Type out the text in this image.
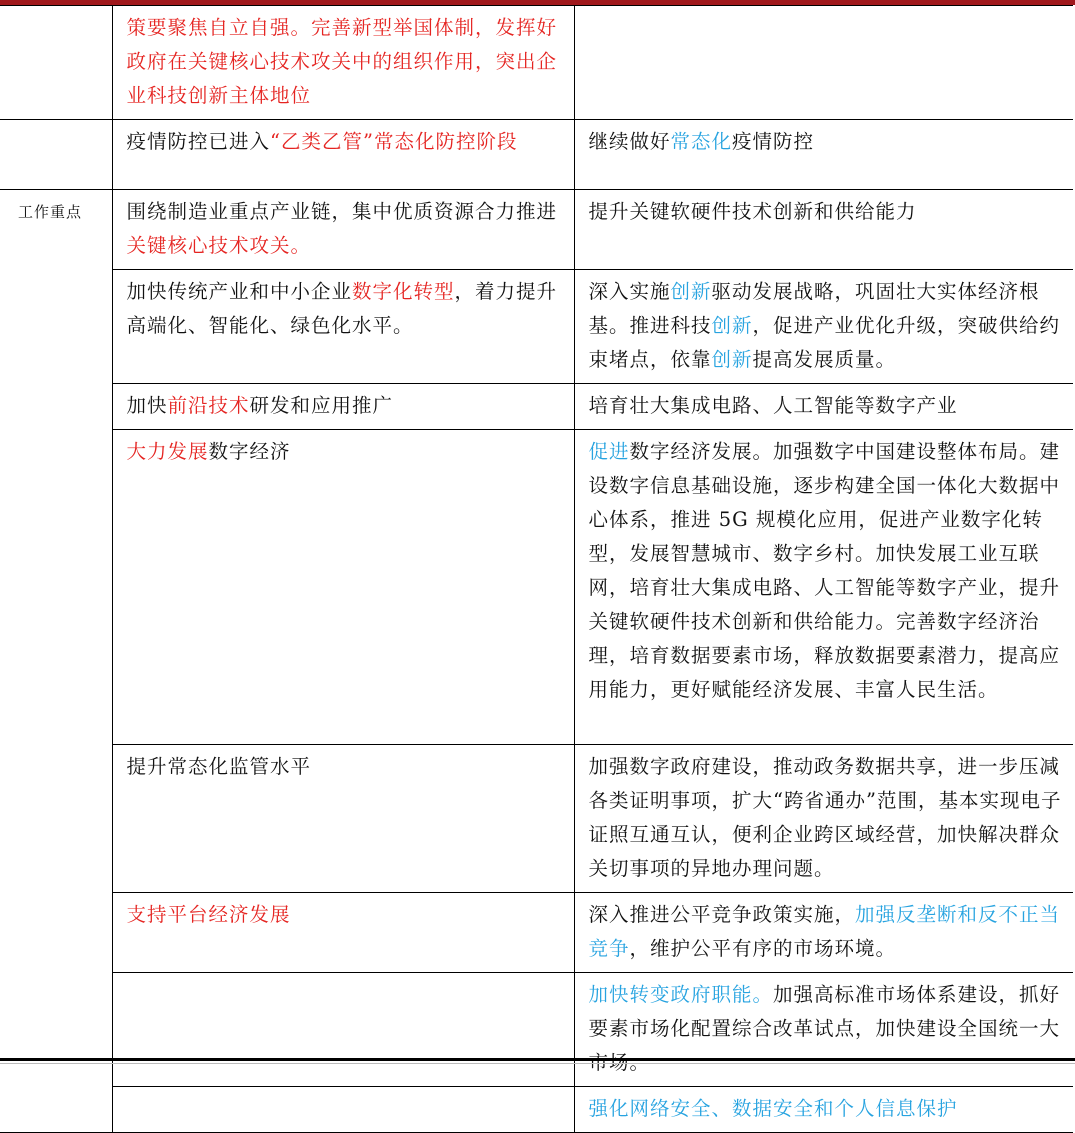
	策要聚焦自立自强。完善新型举国体制，发挥好政府在关键核心技术攻关中的组织作用，突出企业科技创新主体地位	
	疫情防控已进入“乙类乙管”常态化防控阶段	继续做好常态化疫情防控
工作重点	围绕制造业重点产业链，集中优质资源合力推进关键核心技术攻关。	提升关键软硬件技术创新和供给能力
	加快传统产业和中小企业数字化转型，着力提升高端化、智能化、绿色化水平。	深入实施创新驱动发展战略，巩固壮大实体经济根基。推进科技创新，促进产业优化升级，突破供给约束堵点，依靠创新提高发展质量。
	加快前沿技术研发和应用推广	培育壮大集成电路、人工智能等数字产业
	大力发展数字经济	促进数字经济发展。加强数字中国建设整体布局。建设数字信息基础设施，逐步构建全国一体化大数据中心体系，推进 5G 规模化应用，促进产业数字化转型，发展智慧城市、数字乡村。加快发展工业互联网，培育壮大集成电路、人工智能等数字产业，提升关键软硬件技术创新和供给能力。完善数字经济治理，培育数据要素市场，释放数据要素潜力，提高应用能力，更好赋能经济发展、丰富人民生活。
	提升常态化监管水平	加强数字政府建设，推动政务数据共享，进一步压减各类证明事项，扩大“跨省通办”范围，基本实现电子证照互通互认，便利企业跨区域经营，加快解决群众关切事项的异地办理问题。
	支持平台经济发展	深入推进公平竞争政策实施，加强反垄断和反不正当竞争，维护公平有序的市场环境。
		加快转变政府职能。加强高标准市场体系建设，抓好要素市场化配置综合改革试点，加快建设全国统一大
		强化网络安全、数据安全和个人信息保护
